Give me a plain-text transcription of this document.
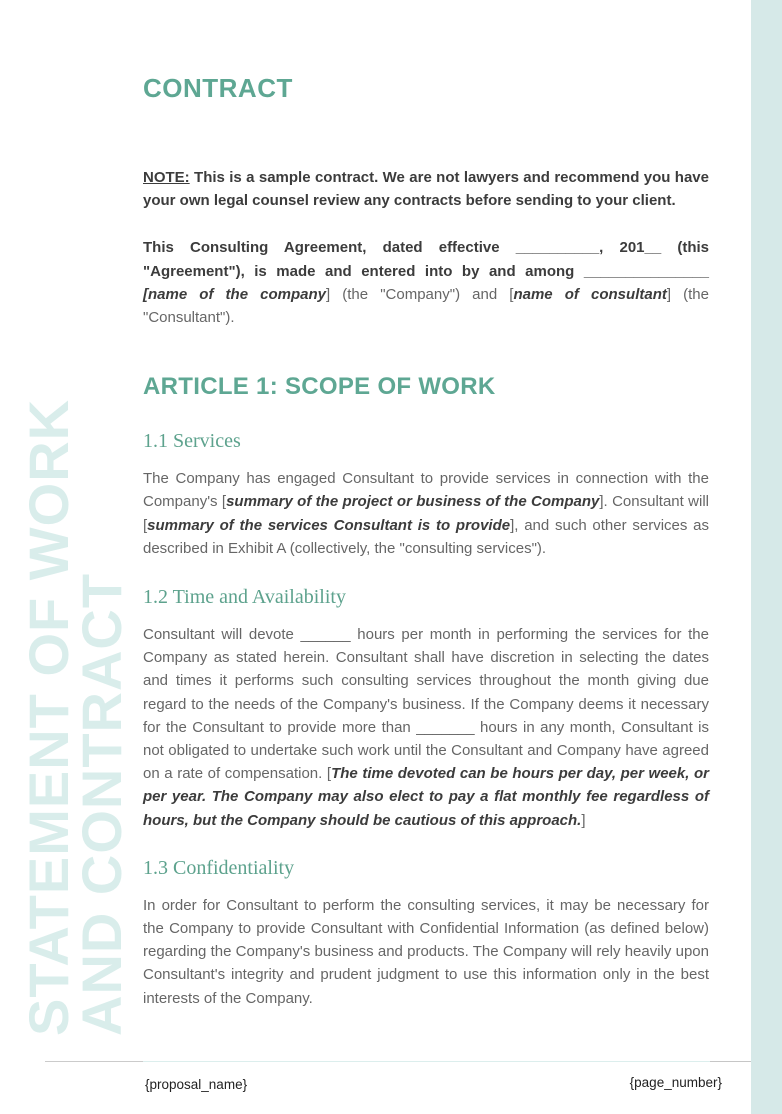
STATEMENT OF WORK
AND CONTRACT
CONTRACT

NOTE: This is a sample contract. We are not lawyers and recommend you have your own legal counsel review any contracts before sending to your client.

This Consulting Agreement, dated effective __________, 201__ (this "Agreement"), is made and entered into by and among _______________ [name of the company] (the "Company") and [name of consultant] (the "Consultant").

ARTICLE 1: SCOPE OF WORK
1.1 Services

The Company has engaged Consultant to provide services in connection with the Company's [summary of the project or business of the Company]. Consultant will [summary of the services Consultant is to provide], and such other services as described in Exhibit A (collectively, the "consulting services").

1.2 Time and Availability

Consultant will devote ______ hours per month in performing the services for the Company as stated herein. Consultant shall have discretion in selecting the dates and times it performs such consulting services throughout the month giving due regard to the needs of the Company's business. If the Company deems it necessary for the Consultant to provide more than _______ hours in any month, Consultant is not obligated to undertake such work until the Consultant and Company have agreed on a rate of compensation. [The time devoted can be hours per day, per week, or per year. The Company may also elect to pay a flat monthly fee regardless of hours, but the Company should be cautious of this approach.]

1.3 Confidentiality

In order for Consultant to perform the consulting services, it may be necessary for the Company to provide Consultant with Confidential Information (as defined below) regarding the Company's business and products. The Company will rely heavily upon Consultant's integrity and prudent judgment to use this information only in the best interests of the Company.

{proposal_name}	{page_number}
